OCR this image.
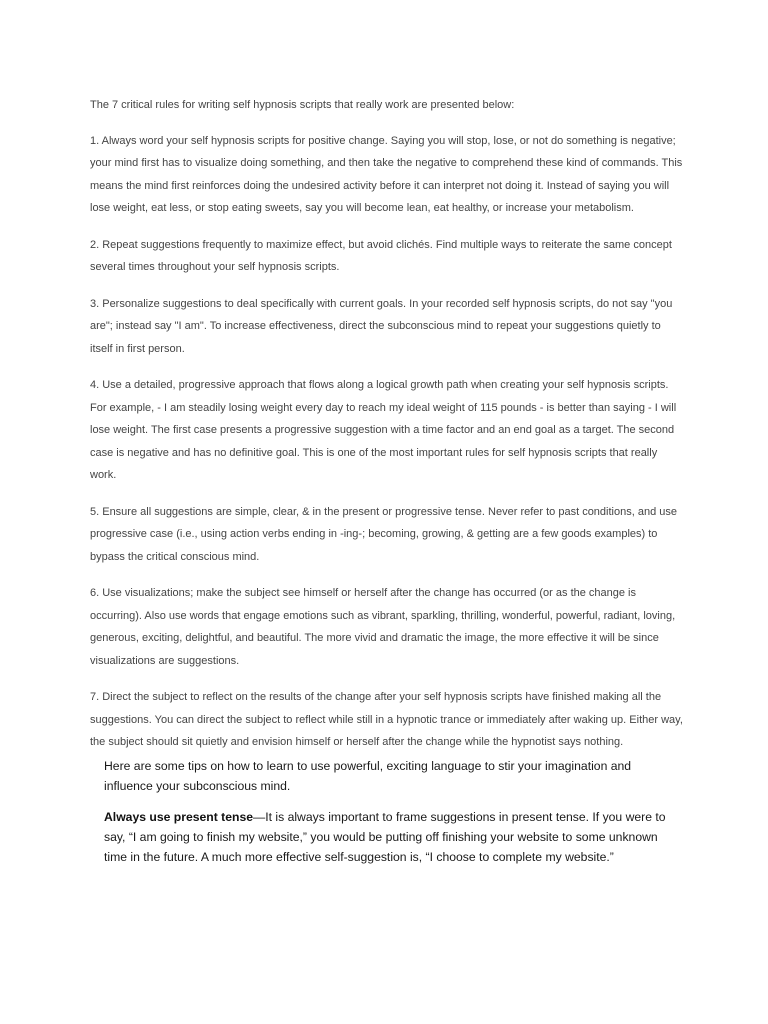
The 7 critical rules for writing self hypnosis scripts that really work are presented below:

1. Always word your self hypnosis scripts for positive change. Saying you will stop, lose, or not do something is negative; your mind first has to visualize doing something, and then take the negative to comprehend these kind of commands. This means the mind first reinforces doing the undesired activity before it can interpret not doing it. Instead of saying you will lose weight, eat less, or stop eating sweets, say you will become lean, eat healthy, or increase your metabolism.

2. Repeat suggestions frequently to maximize effect, but avoid clichés. Find multiple ways to reiterate the same concept several times throughout your self hypnosis scripts.

3. Personalize suggestions to deal specifically with current goals. In your recorded self hypnosis scripts, do not say "you are"; instead say "I am". To increase effectiveness, direct the subconscious mind to repeat your suggestions quietly to itself in first person.

4. Use a detailed, progressive approach that flows along a logical growth path when creating your self hypnosis scripts. For example, - I am steadily losing weight every day to reach my ideal weight of 115 pounds - is better than saying - I will lose weight. The first case presents a progressive suggestion with a time factor and an end goal as a target. The second case is negative and has no definitive goal. This is one of the most important rules for self hypnosis scripts that really work.

5. Ensure all suggestions are simple, clear, & in the present or progressive tense. Never refer to past conditions, and use progressive case (i.e., using action verbs ending in -ing-; becoming, growing, & getting are a few goods examples) to bypass the critical conscious mind.

6. Use visualizations; make the subject see himself or herself after the change has occurred (or as the change is occurring). Also use words that engage emotions such as vibrant, sparkling, thrilling, wonderful, powerful, radiant, loving, generous, exciting, delightful, and beautiful. The more vivid and dramatic the image, the more effective it will be since visualizations are suggestions.

7. Direct the subject to reflect on the results of the change after your self hypnosis scripts have finished making all the suggestions. You can direct the subject to reflect while still in a hypnotic trance or immediately after waking up. Either way, the subject should sit quietly and envision himself or herself after the change while the hypnotist says nothing.

Here are some tips on how to learn to use powerful, exciting language to stir your imagination and influence your subconscious mind.

Always use present tense—It is always important to frame suggestions in present tense. If you were to say, “I am going to finish my website,” you would be putting off finishing your website to some unknown time in the future. A much more effective self-suggestion is, “I choose to complete my website.”
